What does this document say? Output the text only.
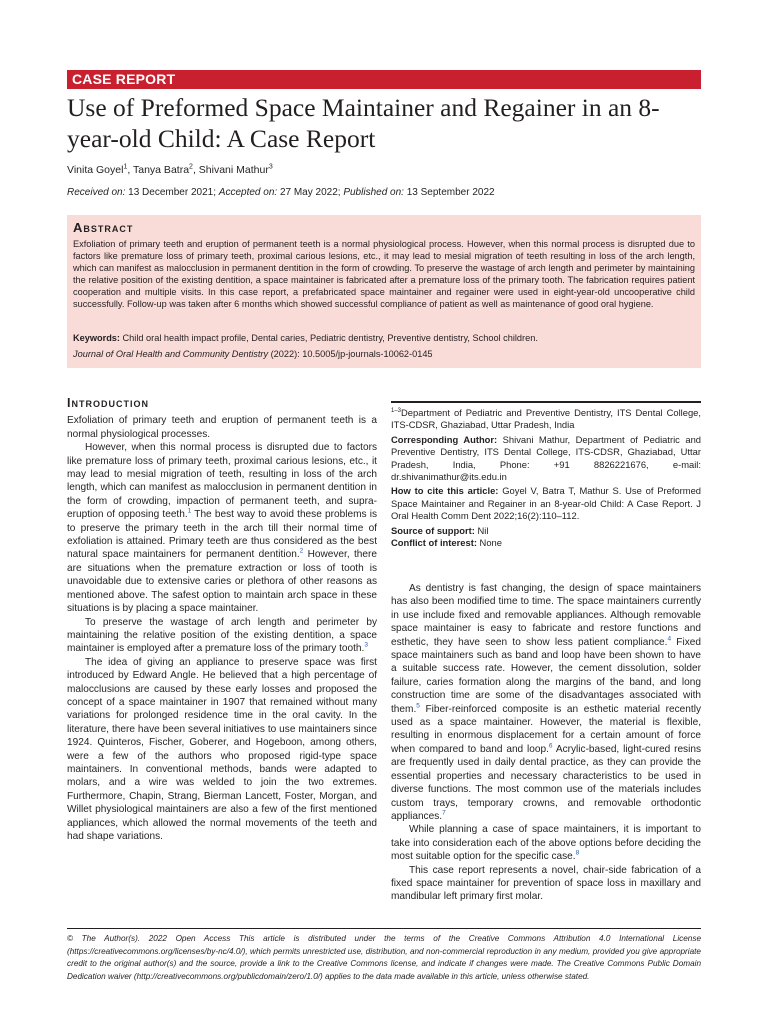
CASE REPORT
Use of Preformed Space Maintainer and Regainer in an 8-year-old Child: A Case Report
Vinita Goyel$^1$, Tanya Batra$^2$, Shivani Mathur$^3$
Received on: 13 December 2021; Accepted on: 27 May 2022; Published on: 13 September 2022
Abstract
Exfoliation of primary teeth and eruption of permanent teeth is a normal physiological process. However, when this normal process is disrupted due to factors like premature loss of primary teeth, proximal carious lesions, etc., it may lead to mesial migration of teeth resulting in loss of the arch length, which can manifest as malocclusion in permanent dentition in the form of crowding. To preserve the wastage of arch length and perimeter by maintaining the relative position of the existing dentition, a space maintainer is fabricated after a premature loss of the primary tooth. The fabrication requires patient cooperation and multiple visits. In this case report, a prefabricated space maintainer and regainer were used in eight-year-old uncooperative child successfully. Follow-up was taken after 6 months which showed successful compliance of patient as well as maintenance of good oral hygiene.
Keywords: Child oral health impact profile, Dental caries, Pediatric dentistry, Preventive dentistry, School children.
Journal of Oral Health and Community Dentistry (2022): 10.5005/jp-journals-10062-0145
Introduction

Exfoliation of primary teeth and eruption of permanent teeth is a normal physiological processes.

However, when this normal process is disrupted due to factors like premature loss of primary teeth, proximal carious lesions, etc., it may lead to mesial migration of teeth, resulting in loss of the arch length, which can manifest as malocclusion in permanent dentition in the form of crowding, impaction of permanent teeth, and supra-eruption of opposing teeth.$^1$ The best way to avoid these problems is to preserve the primary teeth in the arch till their normal time of exfoliation is attained. Primary teeth are thus considered as the best natural space maintainers for permanent dentition.$^2$ However, there are situations when the premature extraction or loss of tooth is unavoidable due to extensive caries or plethora of other reasons as mentioned above. The safest option to maintain arch space in these situations is by placing a space maintainer.

To preserve the wastage of arch length and perimeter by maintaining the relative position of the existing dentition, a space maintainer is employed after a premature loss of the primary tooth.$^3$

The idea of giving an appliance to preserve space was first introduced by Edward Angle. He believed that a high percentage of malocclusions are caused by these early losses and proposed the concept of a space maintainer in 1907 that remained without many variations for prolonged residence time in the oral cavity. In the literature, there have been several initiatives to use maintainers since 1924. Quinteros, Fischer, Goberer, and Hogeboon, among others, were a few of the authors who proposed rigid-type space maintainers. In conventional methods, bands were adapted to molars, and a wire was welded to join the two extremes. Furthermore, Chapin, Strang, Bierman Lancett, Foster, Morgan, and Willet physiological maintainers are also a few of the first mentioned appliances, which allowed the normal movements of the teeth and had shape variations.

$^{1-3}$Department of Pediatric and Preventive Dentistry, ITS Dental College, ITS-CDSR, Ghaziabad, Uttar Pradesh, India

Corresponding Author: Shivani Mathur, Department of Pediatric and Preventive Dentistry, ITS Dental College, ITS-CDSR, Ghaziabad, Uttar Pradesh, India, Phone: +91 8826221676, e-mail: dr.shivanimathur@its.edu.in

How to cite this article: Goyel V, Batra T, Mathur S. Use of Preformed Space Maintainer and Regainer in an 8-year-old Child: A Case Report. J Oral Health Comm Dent 2022;16(2):110–112.

Source of support: Nil

Conflict of interest: None

As dentistry is fast changing, the design of space maintainers has also been modified time to time. The space maintainers currently in use include fixed and removable appliances. Although removable space maintainer is easy to fabricate and restore functions and esthetic, they have seen to show less patient compliance.$^4$ Fixed space maintainers such as band and loop have been shown to have a suitable success rate. However, the cement dissolution, solder failure, caries formation along the margins of the band, and long construction time are some of the disadvantages associated with them.$^5$ Fiber-reinforced composite is an esthetic material recently used as a space maintainer. However, the material is flexible, resulting in enormous displacement for a certain amount of force when compared to band and loop.$^6$ Acrylic-based, light-cured resins are frequently used in daily dental practice, as they can provide the essential properties and necessary characteristics to be used in diverse functions. The most common use of the materials includes custom trays, temporary crowns, and removable orthodontic appliances.$^7$

While planning a case of space maintainers, it is important to take into consideration each of the above options before deciding the most suitable option for the specific case.$^8$

This case report represents a novel, chair-side fabrication of a fixed space maintainer for prevention of space loss in maxillary and mandibular left primary first molar.

© The Author(s). 2022 Open Access This article is distributed under the terms of the Creative Commons Attribution 4.0 International License (https://creativecommons.org/licenses/by-nc/4.0/), which permits unrestricted use, distribution, and non-commercial reproduction in any medium, provided you give appropriate credit to the original author(s) and the source, provide a link to the Creative Commons license, and indicate if changes were made. The Creative Commons Public Domain Dedication waiver (http://creativecommons.org/publicdomain/zero/1.0/) applies to the data made available in this article, unless otherwise stated.
